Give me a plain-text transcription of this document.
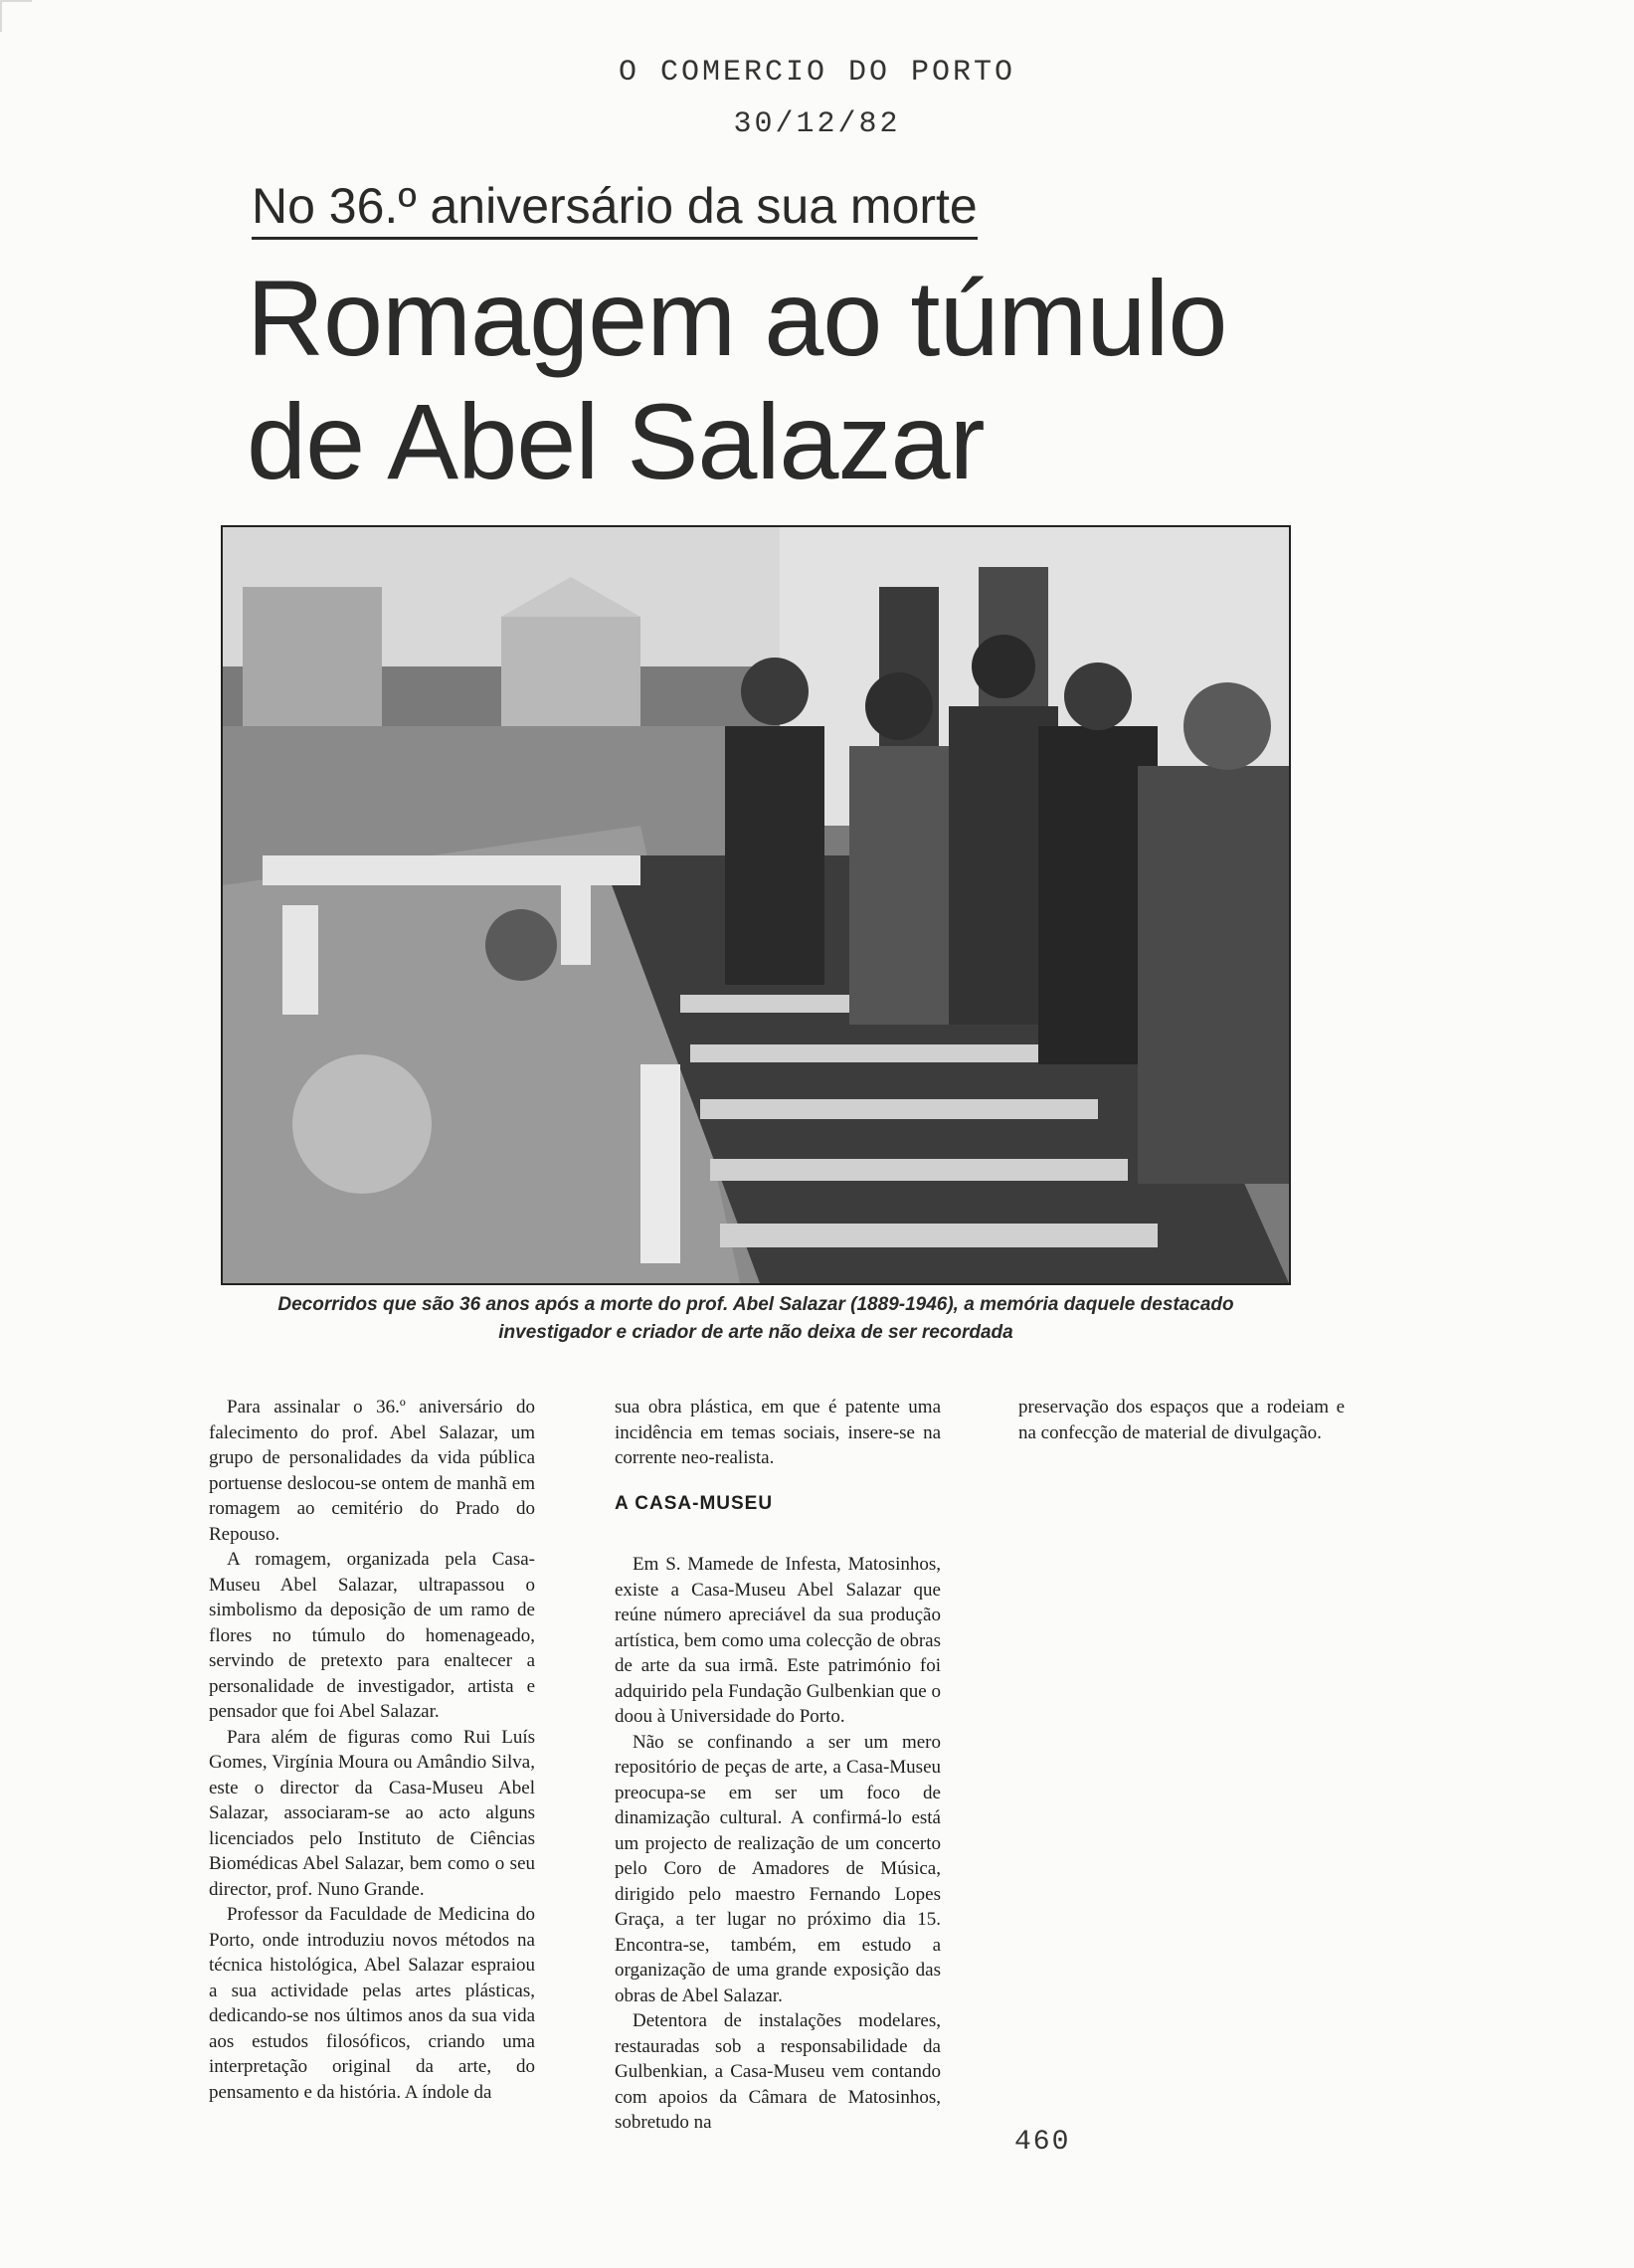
O COMERCIO DO PORTO
30/12/82
No 36.º aniversário da sua morte
Romagem ao túmulo
de Abel Salazar
Decorridos que são 36 anos após a morte do prof. Abel Salazar (1889-1946), a memória daquele destacado
investigador e criador de arte não deixa de ser recordada

Para assinalar o 36.º aniversário do falecimento do prof. Abel Salazar, um grupo de personalidades da vida pública portuense deslocou-se ontem de manhã em romagem ao cemitério do Prado do Repouso.

A romagem, organizada pela Casa-Museu Abel Salazar, ultrapassou o simbolismo da deposição de um ramo de flores no túmulo do homenageado, servindo de pretexto para enaltecer a personalidade de investigador, artista e pensador que foi Abel Salazar.

Para além de figuras como Rui Luís Gomes, Virgínia Moura ou Amândio Silva, este o director da Casa-Museu Abel Salazar, associaram-se ao acto alguns licenciados pelo Instituto de Ciências Biomédicas Abel Salazar, bem como o seu director, prof. Nuno Grande.

Professor da Faculdade de Medicina do Porto, onde introduziu novos métodos na técnica histológica, Abel Salazar espraiou a sua actividade pelas artes plásticas, dedicando-se nos últimos anos da sua vida aos estudos filosóficos, criando uma interpretação original da arte, do pensamento e da história. A índole da

sua obra plástica, em que é patente uma incidência em temas sociais, insere-se na corrente neo-realista.

A CASA-MUSEU

Em S. Mamede de Infesta, Matosinhos, existe a Casa-Museu Abel Salazar que reúne número apreciável da sua produção artística, bem como uma colecção de obras de arte da sua irmã. Este património foi adquirido pela Fundação Gulbenkian que o doou à Universidade do Porto.

Não se confinando a ser um mero repositório de peças de arte, a Casa-Museu preocupa-se em ser um foco de dinamização cultural. A confirmá-lo está um projecto de realização de um concerto pelo Coro de Amadores de Música, dirigido pelo maestro Fernando Lopes Graça, a ter lugar no próximo dia 15. Encontra-se, também, em estudo a organização de uma grande exposição das obras de Abel Salazar.

Detentora de instalações modelares, restauradas sob a responsabilidade da Gulbenkian, a Casa-Museu vem contando com apoios da Câmara de Matosinhos, sobretudo na

preservação dos espaços que a rodeiam e na confecção de material de divulgação.

460
